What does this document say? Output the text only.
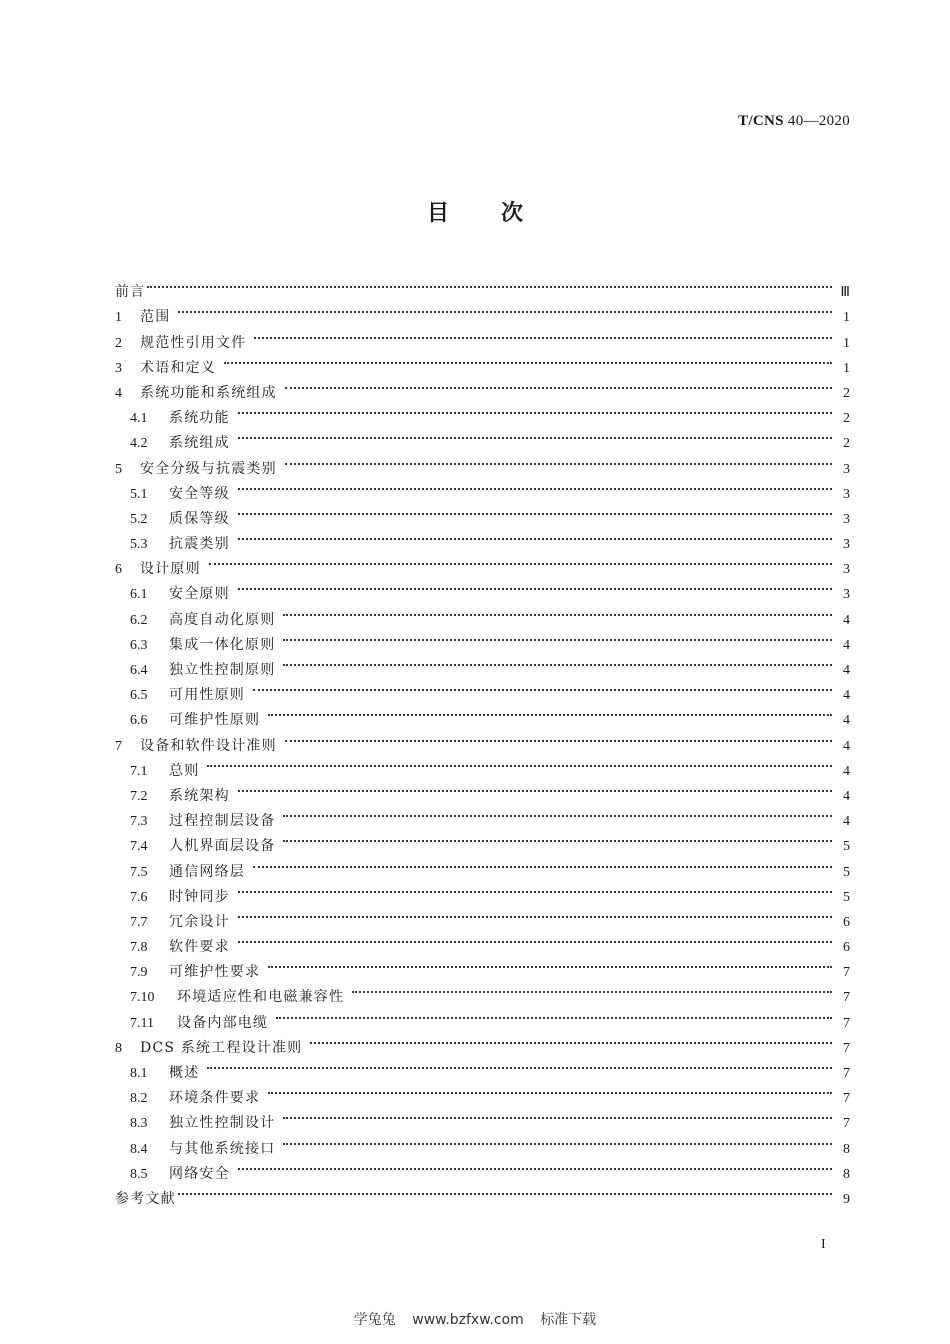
T/CNS 40—2020
目 次
前言	Ⅲ
1	范围	1
2	规范性引用文件	1
3	术语和定义	1
4	系统功能和系统组成	2
4.1	系统功能	2
4.2	系统组成	2
5	安全分级与抗震类别	3
5.1	安全等级	3
5.2	质保等级	3
5.3	抗震类别	3
6	设计原则	3
6.1	安全原则	3
6.2	高度自动化原则	4
6.3	集成一体化原则	4
6.4	独立性控制原则	4
6.5	可用性原则	4
6.6	可维护性原则	4
7	设备和软件设计准则	4
7.1	总则	4
7.2	系统架构	4
7.3	过程控制层设备	4
7.4	人机界面层设备	5
7.5	通信网络层	5
7.6	时钟同步	5
7.7	冗余设计	6
7.8	软件要求	6
7.9	可维护性要求	7
7.10	环境适应性和电磁兼容性	7
7.11	设备内部电缆	7
8	DCS 系统工程设计准则	7
8.1	概述	7
8.2	环境条件要求	7
8.3	独立性控制设计	7
8.4	与其他系统接口	8
8.5	网络安全	8
参考文献	9
I
学兔兔 www.bzfxw.com 标准下载
